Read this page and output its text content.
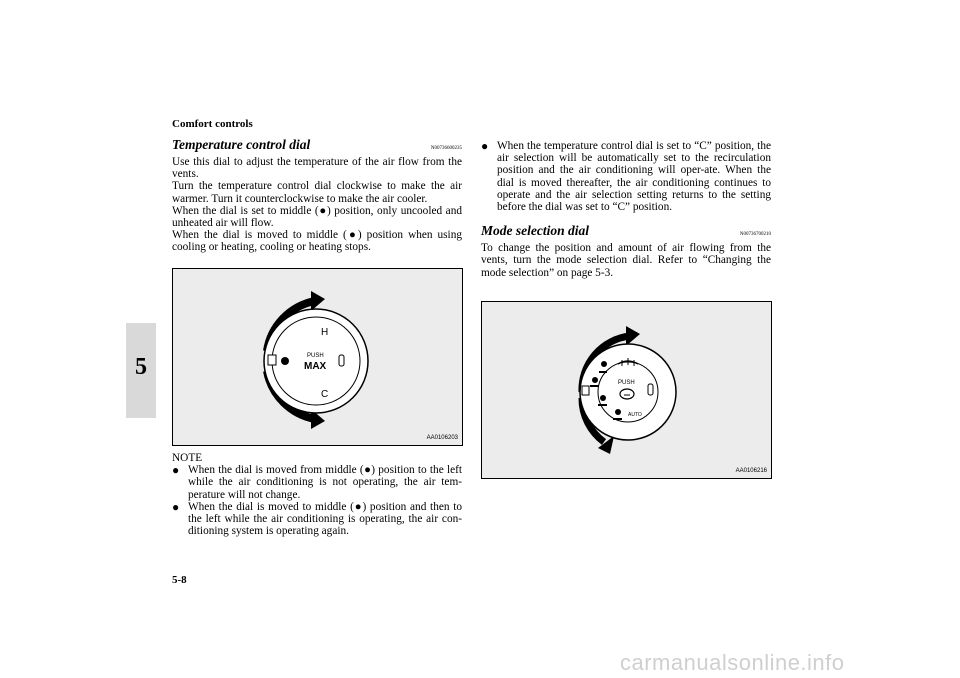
Comfort controls
5
5-8
Temperature control dial	N00736600235
Use this dial to adjust the temperature of the air flow from the vents.
Turn the temperature control dial clockwise to make the air warmer. Turn it counterclockwise to make the air cooler.
When the dial is set to middle (●) position, only uncooled and unheated air will flow.
When the dial is moved to middle (●) position when using cooling or heating, cooling or heating stops.
H
C
PUSH
MAX
AA0106203
NOTE
● When the dial is moved from middle (●) position to the left while the air conditioning is not operating, the air tem-perature will not change.
● When the dial is moved to middle (●) position and then to the left while the air conditioning is operating, the air con-ditioning system is operating again.
● When the temperature control dial is set to “C” position, the air selection will be automatically set to the recirculation position and the air conditioning will oper-ate. When the dial is moved thereafter, the air conditioning continues to operate and the air selection setting returns to the setting before the dial was set to “C” position.
Mode selection dial	N00736700210
To change the position and amount of air flowing from the vents, turn the mode selection dial. Refer to “Changing the mode selection” on page 5-3.
PUSH
AUTO
AA0106216
carmanualsonline.info
